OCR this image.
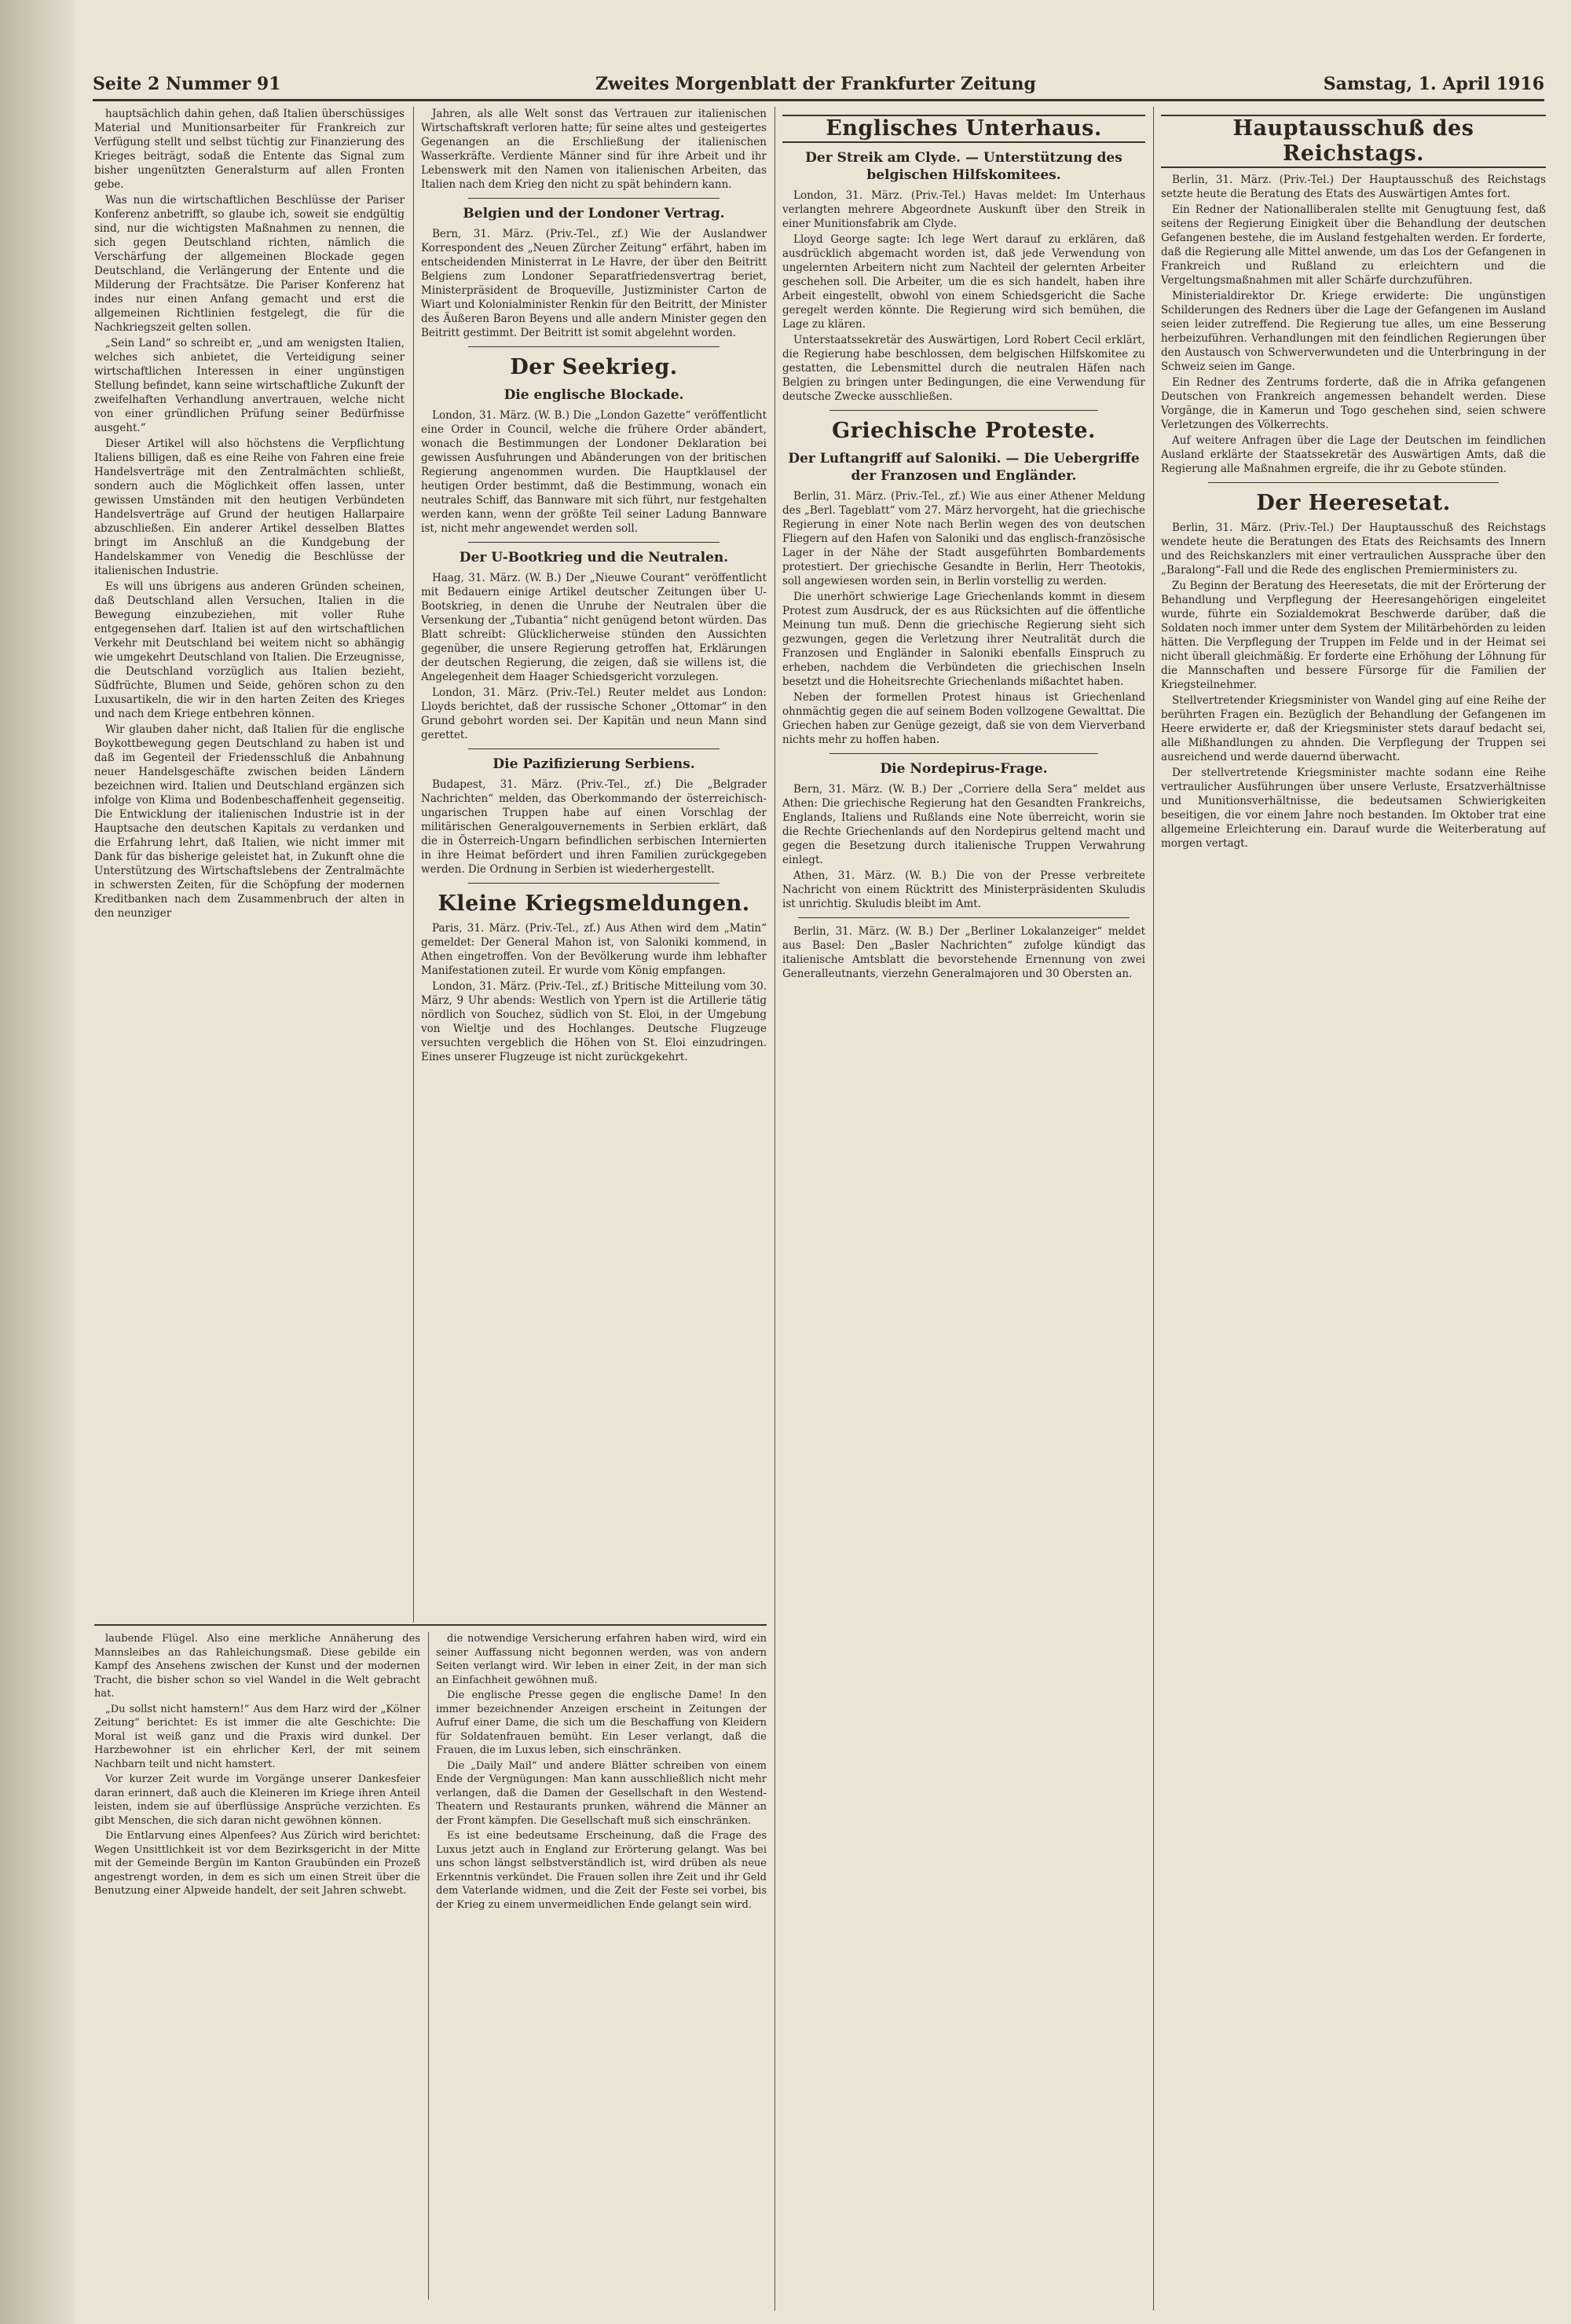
Seite 2 Nummer 91	Zweites Morgenblatt der Frankfurter Zeitung	Samstag, 1. April 1916

hauptsächlich dahin gehen, daß Italien überschüssiges Material und Munitionsarbeiter für Frankreich zur Verfügung stellt und selbst tüchtig zur Finanzierung des Krieges beiträgt, sodaß die Entente das Signal zum bisher ungenützten Generalsturm auf allen Fronten gebe.

Was nun die wirtschaftlichen Beschlüsse der Pariser Konferenz anbetrifft, so glaube ich, soweit sie endgültig sind, nur die wichtigsten Maßnahmen zu nennen, die sich gegen Deutschland richten, nämlich die Verschärfung der allgemeinen Blockade gegen Deutschland, die Verlängerung der Entente und die Milderung der Frachtsätze. Die Pariser Konferenz hat indes nur einen Anfang gemacht und erst die allgemeinen Richtlinien festgelegt, die für die Nachkriegszeit gelten sollen.

„Sein Land“ so schreibt er, „und am wenigsten Italien, welches sich anbietet, die Verteidigung seiner wirtschaftlichen Interessen in einer ungünstigen Stellung befindet, kann seine wirtschaftliche Zukunft der zweifelhaften Verhandlung anvertrauen, welche nicht von einer gründlichen Prüfung seiner Bedürfnisse ausgeht.“

Dieser Artikel will also höchstens die Verpflichtung Italiens billigen, daß es eine Reihe von Fahren eine freie Handelsverträge mit den Zentralmächten schließt, sondern auch die Möglichkeit offen lassen, unter gewissen Umständen mit den heutigen Verbündeten Handelsverträge auf Grund der heutigen Hallarpaire abzuschließen. Ein anderer Artikel desselben Blattes bringt im Anschluß an die Kundgebung der Handelskammer von Venedig die Beschlüsse der italienischen Industrie.

Es will uns übrigens aus anderen Gründen scheinen, daß Deutschland allen Versuchen, Italien in die Bewegung einzubeziehen, mit voller Ruhe entgegensehen darf. Italien ist auf den wirtschaftlichen Verkehr mit Deutschland bei weitem nicht so abhängig wie umgekehrt Deutschland von Italien. Die Erzeugnisse, die Deutschland vorzüglich aus Italien bezieht, Südfrüchte, Blumen und Seide, gehören schon zu den Luxusartikeln, die wir in den harten Zeiten des Krieges und nach dem Kriege entbehren können.

Wir glauben daher nicht, daß Italien für die englische Boykottbewegung gegen Deutschland zu haben ist und daß im Gegenteil der Friedensschluß die Anbahnung neuer Handelsgeschäfte zwischen beiden Ländern bezeichnen wird. Italien und Deutschland ergänzen sich infolge von Klima und Bodenbeschaffenheit gegenseitig. Die Entwicklung der italienischen Industrie ist in der Hauptsache den deutschen Kapitals zu verdanken und die Erfahrung lehrt, daß Italien, wie nicht immer mit Dank für das bisherige geleistet hat, in Zukunft ohne die Unterstützung des Wirtschaftslebens der Zentralmächte in schwersten Zeiten, für die Schöpfung der modernen Kreditbanken nach dem Zusammenbruch der alten in den neunziger

Jahren, als alle Welt sonst das Vertrauen zur italienischen Wirtschaftskraft verloren hatte; für seine altes und gesteigertes Gegenangen an die Erschließung der italienischen Wasserkräfte. Verdiente Männer sind für ihre Arbeit und ihr Lebenswerk mit den Namen von italienischen Arbeiten, das Italien nach dem Krieg den nicht zu spät behindern kann.

Belgien und der Londoner Vertrag.

Bern, 31. März. (Priv.-Tel., zf.) Wie der Auslandwer Korrespondent des „Neuen Zürcher Zeitung“ erfährt, haben im entscheidenden Ministerrat in Le Havre, der über den Beitritt Belgiens zum Londoner Separatfriedensvertrag beriet, Ministerpräsident de Broqueville, Justizminister Carton de Wiart und Kolonialminister Renkin für den Beitritt, der Minister des Äußeren Baron Beyens und alle andern Minister gegen den Beitritt gestimmt. Der Beitritt ist somit abgelehnt worden.

Der Seekrieg.
Die englische Blockade.

London, 31. März. (W. B.) Die „London Gazette“ veröffentlicht eine Order in Council, welche die frühere Order abändert, wonach die Bestimmungen der Londoner Deklaration bei gewissen Ausfuhrungen und Abänderungen von der britischen Regierung angenommen wurden. Die Hauptklausel der heutigen Order bestimmt, daß die Bestimmung, wonach ein neutrales Schiff, das Bannware mit sich führt, nur festgehalten werden kann, wenn der größte Teil seiner Ladung Bannware ist, nicht mehr angewendet werden soll.

Der U-Bootkrieg und die Neutralen.

Haag, 31. März. (W. B.) Der „Nieuwe Courant“ veröffentlicht mit Bedauern einige Artikel deutscher Zeitungen über U-Bootskrieg, in denen die Unruhe der Neutralen über die Versenkung der „Tubantia“ nicht genügend betont würden. Das Blatt schreibt: Glücklicherweise stünden den Aussichten gegenüber, die unsere Regierung getroffen hat, Erklärungen der deutschen Regierung, die zeigen, daß sie willens ist, die Angelegenheit dem Haager Schiedsgericht vorzulegen.

London, 31. März. (Priv.-Tel.) Reuter meldet aus London: Lloyds berichtet, daß der russische Schoner „Ottomar“ in den Grund gebohrt worden sei. Der Kapitän und neun Mann sind gerettet.

Die Pazifizierung Serbiens.

Budapest, 31. März. (Priv.-Tel., zf.) Die „Belgrader Nachrichten“ melden, das Oberkommando der österreichisch-ungarischen Truppen habe auf einen Vorschlag der militärischen Generalgouvernements in Serbien erklärt, daß die in Österreich-Ungarn befindlichen serbischen Internierten in ihre Heimat befördert und ihren Familien zurückgegeben werden. Die Ordnung in Serbien ist wiederhergestellt.

Kleine Kriegsmeldungen.

Paris, 31. März. (Priv.-Tel., zf.) Aus Athen wird dem „Matin“ gemeldet: Der General Mahon ist, von Saloniki kommend, in Athen eingetroffen. Von der Bevölkerung wurde ihm lebhafter Manifestationen zuteil. Er wurde vom König empfangen.

London, 31. März. (Priv.-Tel., zf.) Britische Mitteilung vom 30. März, 9 Uhr abends: Westlich von Ypern ist die Artillerie tätig nördlich von Souchez, südlich von St. Eloi, in der Umgebung von Wieltje und des Hochlanges. Deutsche Flugzeuge versuchten vergeblich die Höhen von St. Eloi einzudringen. Eines unserer Flugzeuge ist nicht zurückgekehrt.

Englisches Unterhaus.
Der Streik am Clyde. — Unterstützung des belgischen Hilfskomitees.

London, 31. März. (Priv.-Tel.) Havas meldet: Im Unterhaus verlangten mehrere Abgeordnete Auskunft über den Streik in einer Munitionsfabrik am Clyde.

Lloyd George sagte: Ich lege Wert darauf zu erklären, daß ausdrücklich abgemacht worden ist, daß jede Verwendung von ungelernten Arbeitern nicht zum Nachteil der gelernten Arbeiter geschehen soll. Die Arbeiter, um die es sich handelt, haben ihre Arbeit eingestellt, obwohl von einem Schiedsgericht die Sache geregelt werden könnte. Die Regierung wird sich bemühen, die Lage zu klären.

Unterstaatssekretär des Auswärtigen, Lord Robert Cecil erklärt, die Regierung habe beschlossen, dem belgischen Hilfskomitee zu gestatten, die Lebensmittel durch die neutralen Häfen nach Belgien zu bringen unter Bedingungen, die eine Verwendung für deutsche Zwecke ausschließen.

Griechische Proteste.
Der Luftangriff auf Saloniki. — Die Uebergriffe der Franzosen und Engländer.

Berlin, 31. März. (Priv.-Tel., zf.) Wie aus einer Athener Meldung des „Berl. Tageblatt“ vom 27. März hervorgeht, hat die griechische Regierung in einer Note nach Berlin wegen des von deutschen Fliegern auf den Hafen von Saloniki und das englisch-französische Lager in der Nähe der Stadt ausgeführten Bombardements protestiert. Der griechische Gesandte in Berlin, Herr Theotokis, soll angewiesen worden sein, in Berlin vorstellig zu werden.

Die unerhört schwierige Lage Griechenlands kommt in diesem Protest zum Ausdruck, der es aus Rücksichten auf die öffentliche Meinung tun muß. Denn die griechische Regierung sieht sich gezwungen, gegen die Verletzung ihrer Neutralität durch die Franzosen und Engländer in Saloniki ebenfalls Einspruch zu erheben, nachdem die Verbündeten die griechischen Inseln besetzt und die Hoheitsrechte Griechenlands mißachtet haben.

Neben der formellen Protest hinaus ist Griechenland ohnmächtig gegen die auf seinem Boden vollzogene Gewalttat. Die Griechen haben zur Genüge gezeigt, daß sie von dem Vierverband nichts mehr zu hoffen haben.

Die Nordepirus-Frage.

Bern, 31. März. (W. B.) Der „Corriere della Sera“ meldet aus Athen: Die griechische Regierung hat den Gesandten Frankreichs, Englands, Italiens und Rußlands eine Note überreicht, worin sie die Rechte Griechenlands auf den Nordepirus geltend macht und gegen die Besetzung durch italienische Truppen Verwahrung einlegt.

Athen, 31. März. (W. B.) Die von der Presse verbreitete Nachricht von einem Rücktritt des Ministerpräsidenten Skuludis ist unrichtig. Skuludis bleibt im Amt.

Berlin, 31. März. (W. B.) Der „Berliner Lokalanzeiger“ meldet aus Basel: Den „Basler Nachrichten“ zufolge kündigt das italienische Amtsblatt die bevorstehende Ernennung von zwei Generalleutnants, vierzehn Generalmajoren und 30 Obersten an.

Hauptausschuß des Reichstags.

Berlin, 31. März. (Priv.-Tel.) Der Hauptausschuß des Reichstags setzte heute die Beratung des Etats des Auswärtigen Amtes fort.

Ein Redner der Nationalliberalen stellte mit Genugtuung fest, daß seitens der Regierung Einigkeit über die Behandlung der deutschen Gefangenen bestehe, die im Ausland festgehalten werden. Er forderte, daß die Regierung alle Mittel anwende, um das Los der Gefangenen in Frankreich und Rußland zu erleichtern und die Vergeltungsmaßnahmen mit aller Schärfe durchzuführen.

Ministerialdirektor Dr. Kriege erwiderte: Die ungünstigen Schilderungen des Redners über die Lage der Gefangenen im Ausland seien leider zutreffend. Die Regierung tue alles, um eine Besserung herbeizuführen. Verhandlungen mit den feindlichen Regierungen über den Austausch von Schwerverwundeten und die Unterbringung in der Schweiz seien im Gange.

Ein Redner des Zentrums forderte, daß die in Afrika gefangenen Deutschen von Frankreich angemessen behandelt werden. Diese Vorgänge, die in Kamerun und Togo geschehen sind, seien schwere Verletzungen des Völkerrechts.

Auf weitere Anfragen über die Lage der Deutschen im feindlichen Ausland erklärte der Staatssekretär des Auswärtigen Amts, daß die Regierung alle Maßnahmen ergreife, die ihr zu Gebote stünden.

Der Heeresetat.

Berlin, 31. März. (Priv.-Tel.) Der Hauptausschuß des Reichstags wendete heute die Beratungen des Etats des Reichsamts des Innern und des Reichskanzlers mit einer vertraulichen Aussprache über den „Baralong“-Fall und die Rede des englischen Premierministers zu.

Zu Beginn der Beratung des Heeresetats, die mit der Erörterung der Behandlung und Verpflegung der Heeresangehörigen eingeleitet wurde, führte ein Sozialdemokrat Beschwerde darüber, daß die Soldaten noch immer unter dem System der Militärbehörden zu leiden hätten. Die Verpflegung der Truppen im Felde und in der Heimat sei nicht überall gleichmäßig. Er forderte eine Erhöhung der Löhnung für die Mannschaften und bessere Fürsorge für die Familien der Kriegsteilnehmer.

Stellvertretender Kriegsminister von Wandel ging auf eine Reihe der berührten Fragen ein. Bezüglich der Behandlung der Gefangenen im Heere erwiderte er, daß der Kriegsminister stets darauf bedacht sei, alle Mißhandlungen zu ahnden. Die Verpflegung der Truppen sei ausreichend und werde dauernd überwacht.

Der stellvertretende Kriegsminister machte sodann eine Reihe vertraulicher Ausführungen über unsere Verluste, Ersatzverhältnisse und Munitionsverhältnisse, die bedeutsamen Schwierigkeiten beseitigen, die vor einem Jahre noch bestanden. Im Oktober trat eine allgemeine Erleichterung ein. Darauf wurde die Weiterberatung auf morgen vertagt.

laubende Flügel. Also eine merkliche Annäherung des Mannsleibes an das Rahleichungsmaß. Diese gebilde ein Kampf des Ansehens zwischen der Kunst und der modernen Tracht, die bisher schon so viel Wandel in die Welt gebracht hat.

„Du sollst nicht hamstern!“ Aus dem Harz wird der „Kölner Zeitung“ berichtet: Es ist immer die alte Geschichte: Die Moral ist weiß ganz und die Praxis wird dunkel. Der Harzbewohner ist ein ehrlicher Kerl, der mit seinem Nachbarn teilt und nicht hamstert.

Vor kurzer Zeit wurde im Vorgänge unserer Dankesfeier daran erinnert, daß auch die Kleineren im Kriege ihren Anteil leisten, indem sie auf überflüssige Ansprüche verzichten. Es gibt Menschen, die sich daran nicht gewöhnen können.

Die Entlarvung eines Alpenfees? Aus Zürich wird berichtet: Wegen Unsittlichkeit ist vor dem Bezirksgericht in der Mitte mit der Gemeinde Bergün im Kanton Graubünden ein Prozeß angestrengt worden, in dem es sich um einen Streit über die Benutzung einer Alpweide handelt, der seit Jahren schwebt.

die notwendige Versicherung erfahren haben wird, wird ein seiner Auffassung nicht begonnen werden, was von andern Seiten verlangt wird. Wir leben in einer Zeit, in der man sich an Einfachheit gewöhnen muß.

Die englische Presse gegen die englische Dame! In den immer bezeichnender Anzeigen erscheint in Zeitungen der Aufruf einer Dame, die sich um die Beschaffung von Kleidern für Soldatenfrauen bemüht. Ein Leser verlangt, daß die Frauen, die im Luxus leben, sich einschränken.

Die „Daily Mail“ und andere Blätter schreiben von einem Ende der Vergnügungen: Man kann ausschließlich nicht mehr verlangen, daß die Damen der Gesellschaft in den Westend-Theatern und Restaurants prunken, während die Männer an der Front kämpfen. Die Gesellschaft muß sich einschränken.

Es ist eine bedeutsame Erscheinung, daß die Frage des Luxus jetzt auch in England zur Erörterung gelangt. Was bei uns schon längst selbstverständlich ist, wird drüben als neue Erkenntnis verkündet. Die Frauen sollen ihre Zeit und ihr Geld dem Vaterlande widmen, und die Zeit der Feste sei vorbei, bis der Krieg zu einem unvermeidlichen Ende gelangt sein wird.
